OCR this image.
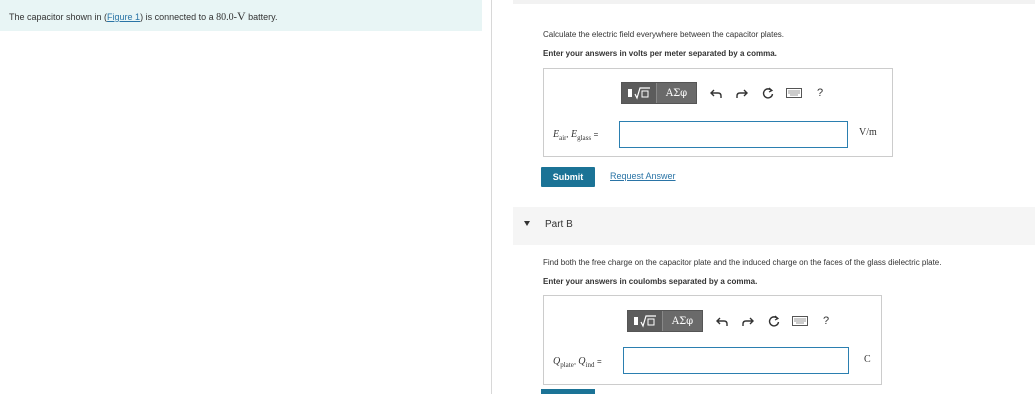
The capacitor shown in (Figure 1) is connected to a 80.0-V battery.
Calculate the electric field everywhere between the capacitor plates.
Enter your answers in volts per meter separated by a comma.
ΑΣφ	?
$E_{air}$, $E_{glass}$ =	V/m
Submit	Request Answer
Part B
Find both the free charge on the capacitor plate and the induced charge on the faces of the glass dielectric plate.
Enter your answers in coulombs separated by a comma.
ΑΣφ	?
$Q_{plate}$, $Q_{ind}$ =	C
